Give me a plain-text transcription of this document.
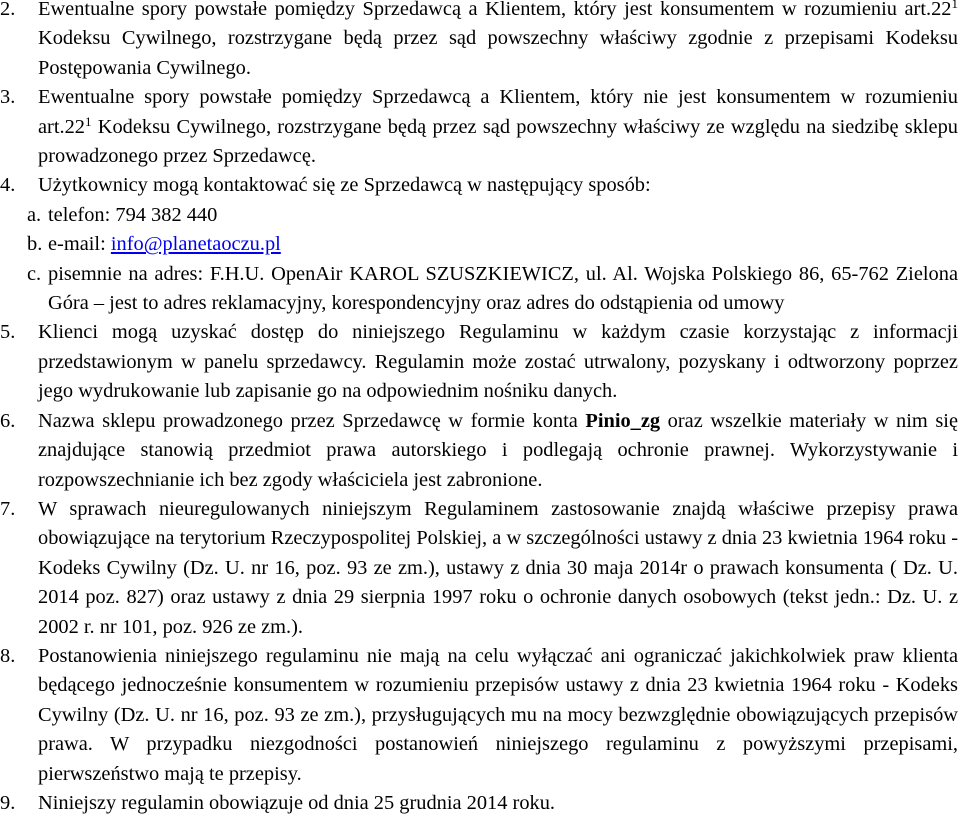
2. Ewentualne spory powstałe pomiędzy Sprzedawcą a Klientem, który jest konsumentem w rozumieniu $art.22^1$ Kodeksu Cywilnego, rozstrzygane będą przez sąd powszechny właściwy zgodnie z przepisami Kodeksu Postępowania Cywilnego.
3. Ewentualne spory powstałe pomiędzy Sprzedawcą a Klientem, który nie jest konsumentem w rozumieniu $art.22^1$ Kodeksu Cywilnego, rozstrzygane będą przez sąd powszechny właściwy ze względu na siedzibę sklepu prowadzonego przez Sprzedawcę.
4. Użytkownicy mogą kontaktować się ze Sprzedawcą w następujący sposób:
a. telefon: 794 382 440
b. e-mail: info@planetaoczu.pl
c. pisemnie na adres: F.H.U. OpenAir KAROL SZUSZKIEWICZ, ul. Al. Wojska Polskiego 86, 65-762 Zielona Góra – jest to adres reklamacyjny, korespondencyjny oraz adres do odstąpienia od umowy
5. Klienci mogą uzyskać dostęp do niniejszego Regulaminu w każdym czasie korzystając z informacji przedstawionym w panelu sprzedawcy. Regulamin może zostać utrwalony, pozyskany i odtworzony poprzez jego wydrukowanie lub zapisanie go na odpowiednim nośniku danych.
6. Nazwa sklepu prowadzonego przez Sprzedawcę w formie konta Pinio_zg oraz wszelkie materiały w nim się znajdujące stanowią przedmiot prawa autorskiego i podlegają ochronie prawnej. Wykorzystywanie i rozpowszechnianie ich bez zgody właściciela jest zabronione.
7. W sprawach nieuregulowanych niniejszym Regulaminem zastosowanie znajdą właściwe przepisy prawa obowiązujące na terytorium Rzeczypospolitej Polskiej, a w szczególności ustawy z dnia 23 kwietnia 1964 roku - Kodeks Cywilny (Dz. U. nr 16, poz. 93 ze zm.), ustawy z dnia 30 maja 2014r o prawach konsumenta ( Dz. U. 2014 poz. 827) oraz ustawy z dnia 29 sierpnia 1997 roku o ochronie danych osobowych (tekst jedn.: Dz. U. z 2002 r. nr 101, poz. 926 ze zm.).
8. Postanowienia niniejszego regulaminu nie mają na celu wyłączać ani ograniczać jakichkolwiek praw klienta będącego jednocześnie konsumentem w rozumieniu przepisów ustawy z dnia 23 kwietnia 1964 roku - Kodeks Cywilny (Dz. U. nr 16, poz. 93 ze zm.), przysługujących mu na mocy bezwzględnie obowiązujących przepisów prawa. W przypadku niezgodności postanowień niniejszego regulaminu z powyższymi przepisami, pierwszeństwo mają te przepisy.
9. Niniejszy regulamin obowiązuje od dnia 25 grudnia 2014 roku.
